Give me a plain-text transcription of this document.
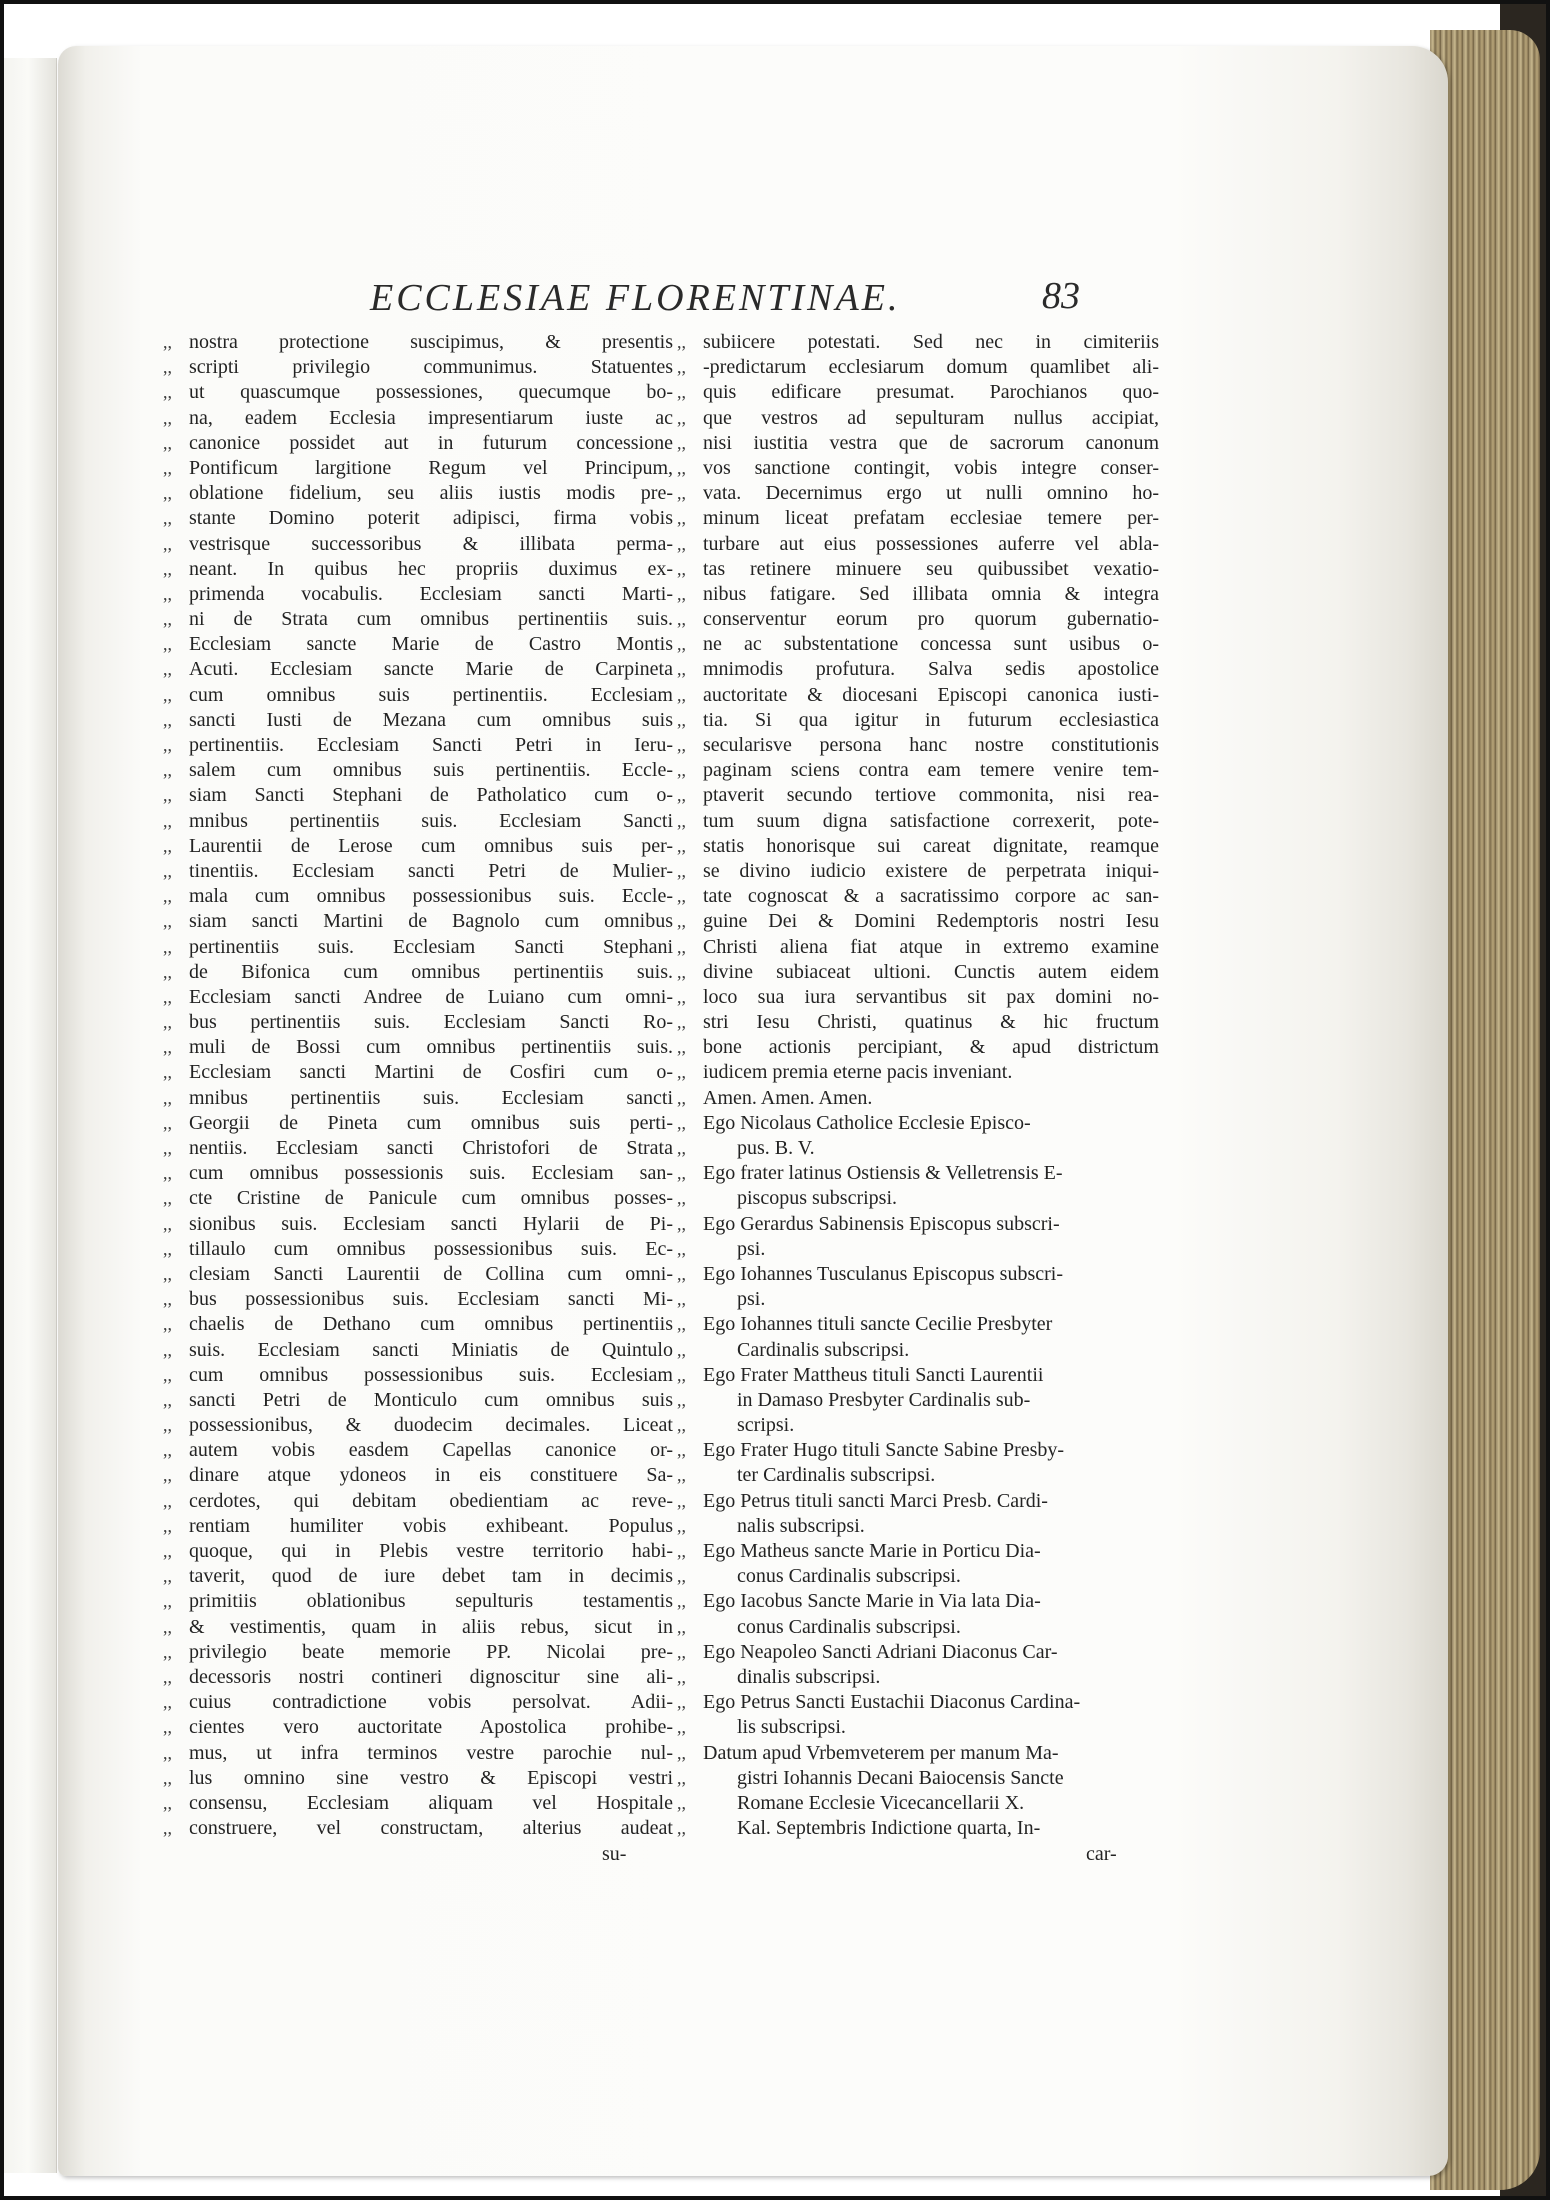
ECCLESIAE FLORENTINAE.	83
,, nostra protectione suscipimus, & presentis
,, scripti privilegio communimus. Statuentes
,, ut quascumque possessiones, quecumque bo-
,, na, eadem Ecclesia impresentiarum iuste ac
,, canonice possidet aut in futurum concessione
,, Pontificum largitione Regum vel Principum,
,, oblatione fidelium, seu aliis iustis modis pre-
,, stante Domino poterit adipisci, firma vobis
,, vestrisque successoribus & illibata perma-
,, neant. In quibus hec propriis duximus ex-
,, primenda vocabulis. Ecclesiam sancti Marti-
,, ni de Strata cum omnibus pertinentiis suis.
,, Ecclesiam sancte Marie de Castro Montis
,, Acuti. Ecclesiam sancte Marie de Carpineta
,, cum omnibus suis pertinentiis. Ecclesiam
,, sancti Iusti de Mezana cum omnibus suis
,, pertinentiis. Ecclesiam Sancti Petri in Ieru-
,, salem cum omnibus suis pertinentiis. Eccle-
,, siam Sancti Stephani de Patholatico cum o-
,, mnibus pertinentiis suis. Ecclesiam Sancti
,, Laurentii de Lerose cum omnibus suis per-
,, tinentiis. Ecclesiam sancti Petri de Mulier-
,, mala cum omnibus possessionibus suis. Eccle-
,, siam sancti Martini de Bagnolo cum omnibus
,, pertinentiis suis. Ecclesiam Sancti Stephani
,, de Bifonica cum omnibus pertinentiis suis.
,, Ecclesiam sancti Andree de Luiano cum omni-
,, bus pertinentiis suis. Ecclesiam Sancti Ro-
,, muli de Bossi cum omnibus pertinentiis suis.
,, Ecclesiam sancti Martini de Cosfiri cum o-
,, mnibus pertinentiis suis. Ecclesiam sancti
,, Georgii de Pineta cum omnibus suis perti-
,, nentiis. Ecclesiam sancti Christofori de Strata
,, cum omnibus possessionis suis. Ecclesiam san-
,, cte Cristine de Panicule cum omnibus posses-
,, sionibus suis. Ecclesiam sancti Hylarii de Pi-
,, tillaulo cum omnibus possessionibus suis. Ec-
,, clesiam Sancti Laurentii de Collina cum omni-
,, bus possessionibus suis. Ecclesiam sancti Mi-
,, chaelis de Dethano cum omnibus pertinentiis
,, suis. Ecclesiam sancti Miniatis de Quintulo
,, cum omnibus possessionibus suis. Ecclesiam
,, sancti Petri de Monticulo cum omnibus suis
,, possessionibus, & duodecim decimales. Liceat
,, autem vobis easdem Capellas canonice or-
,, dinare atque ydoneos in eis constituere Sa-
,, cerdotes, qui debitam obedientiam ac reve-
,, rentiam humiliter vobis exhibeant. Populus
,, quoque, qui in Plebis vestre territorio habi-
,, taverit, quod de iure debet tam in decimis
,, primitiis oblationibus sepulturis testamentis
,, & vestimentis, quam in aliis rebus, sicut in
,, privilegio beate memorie PP. Nicolai pre-
,, decessoris nostri contineri dignoscitur sine ali-
,, cuius contradictione vobis persolvat. Adii-
,, cientes vero auctoritate Apostolica prohibe-
,, mus, ut infra terminos vestre parochie nul-
,, lus omnino sine vestro & Episcopi vestri
,, consensu, Ecclesiam aliquam vel Hospitale
,, construere, vel constructam, alterius audeat
,, subiicere potestati. Sed nec in cimiteriis
,, -predictarum ecclesiarum domum quamlibet ali-
,, quis edificare presumat. Parochianos quo-
,, que vestros ad sepulturam nullus accipiat,
,, nisi iustitia vestra que de sacrorum canonum
,, vos sanctione contingit, vobis integre conser-
,, vata. Decernimus ergo ut nulli omnino ho-
,, minum liceat prefatam ecclesiae temere per-
,, turbare aut eius possessiones auferre vel abla-
,, tas retinere minuere seu quibussibet vexatio-
,, nibus fatigare. Sed illibata omnia & integra
,, conserventur eorum pro quorum gubernatio-
,, ne ac substentatione concessa sunt usibus o-
,, mnimodis profutura. Salva sedis apostolice
,, auctoritate & diocesani Episcopi canonica iusti-
,, tia. Si qua igitur in futurum ecclesiastica
,, secularisve persona hanc nostre constitutionis
,, paginam sciens contra eam temere venire tem-
,, ptaverit secundo tertiove commonita, nisi rea-
,, tum suum digna satisfactione correxerit, pote-
,, statis honorisque sui careat dignitate, reamque
,, se divino iudicio existere de perpetrata iniqui-
,, tate cognoscat & a sacratissimo corpore ac san-
,, guine Dei & Domini Redemptoris nostri Iesu
,, Christi aliena fiat atque in extremo examine
,, divine subiaceat ultioni. Cunctis autem eidem
,, loco sua iura servantibus sit pax domini no-
,, stri Iesu Christi, quatinus & hic fructum
,, bone actionis percipiant, & apud districtum
,, iudicem premia eterne pacis inveniant.
,, Amen. Amen. Amen.
,, Ego Nicolaus Catholice Ecclesie Episco-
,,	pus. B. V.
,, Ego frater latinus Ostiensis & Velletrensis E-
,,	piscopus subscripsi.
,, Ego Gerardus Sabinensis Episcopus subscri-
,,	psi.
,, Ego Iohannes Tusculanus Episcopus subscri-
,,	psi.
,, Ego Iohannes tituli sancte Cecilie Presbyter
,,	Cardinalis subscripsi.
,, Ego Frater Mattheus tituli Sancti Laurentii
,,	in Damaso Presbyter Cardinalis sub-
,,	scripsi.
,, Ego Frater Hugo tituli Sancte Sabine Presby-
,,	ter Cardinalis subscripsi.
,, Ego Petrus tituli sancti Marci Presb. Cardi-
,,	nalis subscripsi.
,, Ego Matheus sancte Marie in Porticu Dia-
,,	conus Cardinalis subscripsi.
,, Ego Iacobus Sancte Marie in Via lata Dia-
,,	conus Cardinalis subscripsi.
,, Ego Neapoleo Sancti Adriani Diaconus Car-
,,	dinalis subscripsi.
,, Ego Petrus Sancti Eustachii Diaconus Cardina-
,,	lis subscripsi.
,, Datum apud Vrbemveterem per manum Ma-
,,	gistri Iohannis Decani Baiocensis Sancte
,,	Romane Ecclesie Vicecancellarii X.
,,	Kal. Septembris Indictione quarta, In-
su-	car-
